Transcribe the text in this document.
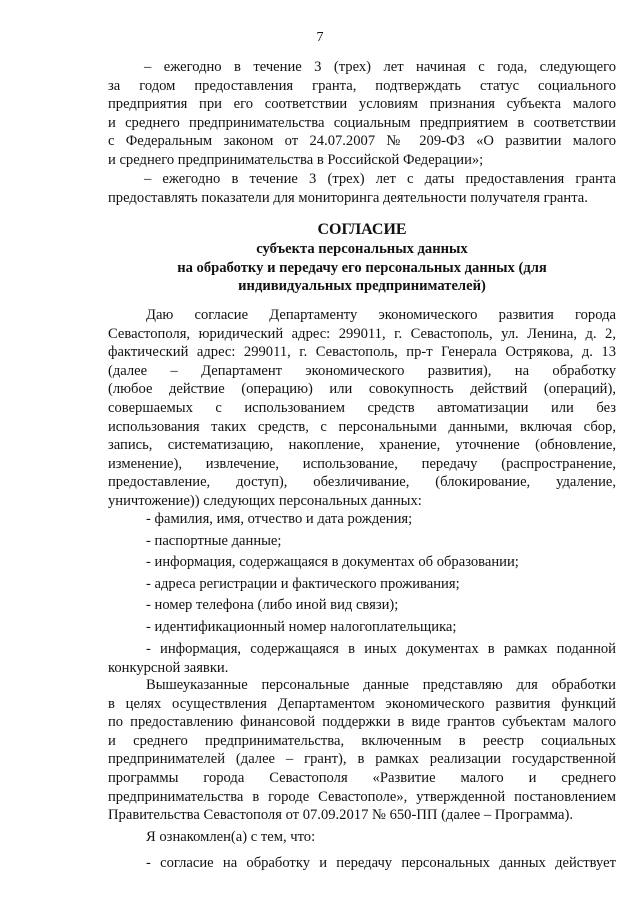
7
– ежегодно в течение 3 (трех) лет начиная с года, следующего
за годом предоставления гранта, подтверждать статус социального
предприятия при его соответствии условиям признания субъекта малого
и среднего предпринимательства социальным предприятием в соответствии
с Федеральным законом от 24.07.2007 № 209-ФЗ «О развитии малого
и среднего предпринимательства в Российской Федерации»;
– ежегодно в течение 3 (трех) лет с даты предоставления гранта
предоставлять показатели для мониторинга деятельности получателя гранта.
СОГЛАСИЕ
субъекта персональных данных
на обработку и передачу его персональных данных (для
индивидуальных предпринимателей)
Даю согласие Департаменту экономического развития города
Севастополя, юридический адрес: 299011, г. Севастополь, ул. Ленина, д. 2,
фактический адрес: 299011, г. Севастополь, пр-т Генерала Острякова, д. 13
(далее – Департамент экономического развития), на обработку
(любое действие (операцию) или совокупность действий (операций),
совершаемых с использованием средств автоматизации или без
использования таких средств, с персональными данными, включая сбор,
запись, систематизацию, накопление, хранение, уточнение (обновление,
изменение), извлечение, использование, передачу (распространение,
предоставление, доступ), обезличивание, (блокирование, удаление,
уничтожение)) следующих персональных данных:
- фамилия, имя, отчество и дата рождения;
- паспортные данные;
- информация, содержащаяся в документах об образовании;
- адреса регистрации и фактического проживания;
- номер телефона (либо иной вид связи);
- идентификационный номер налогоплательщика;
- информация, содержащаяся в иных документах в рамках поданной
конкурсной заявки.
Вышеуказанные персональные данные представляю для обработки
в целях осуществления Департаментом экономического развития функций
по предоставлению финансовой поддержки в виде грантов субъектам малого
и среднего предпринимательства, включенным в реестр социальных
предпринимателей (далее – грант), в рамках реализации государственной
программы города Севастополя «Развитие малого и среднего
предпринимательства в городе Севастополе», утвержденной постановлением
Правительства Севастополя от 07.09.2017 № 650-ПП (далее – Программа).
Я ознакомлен(а) с тем, что:
- согласие на обработку и передачу персональных данных действует
